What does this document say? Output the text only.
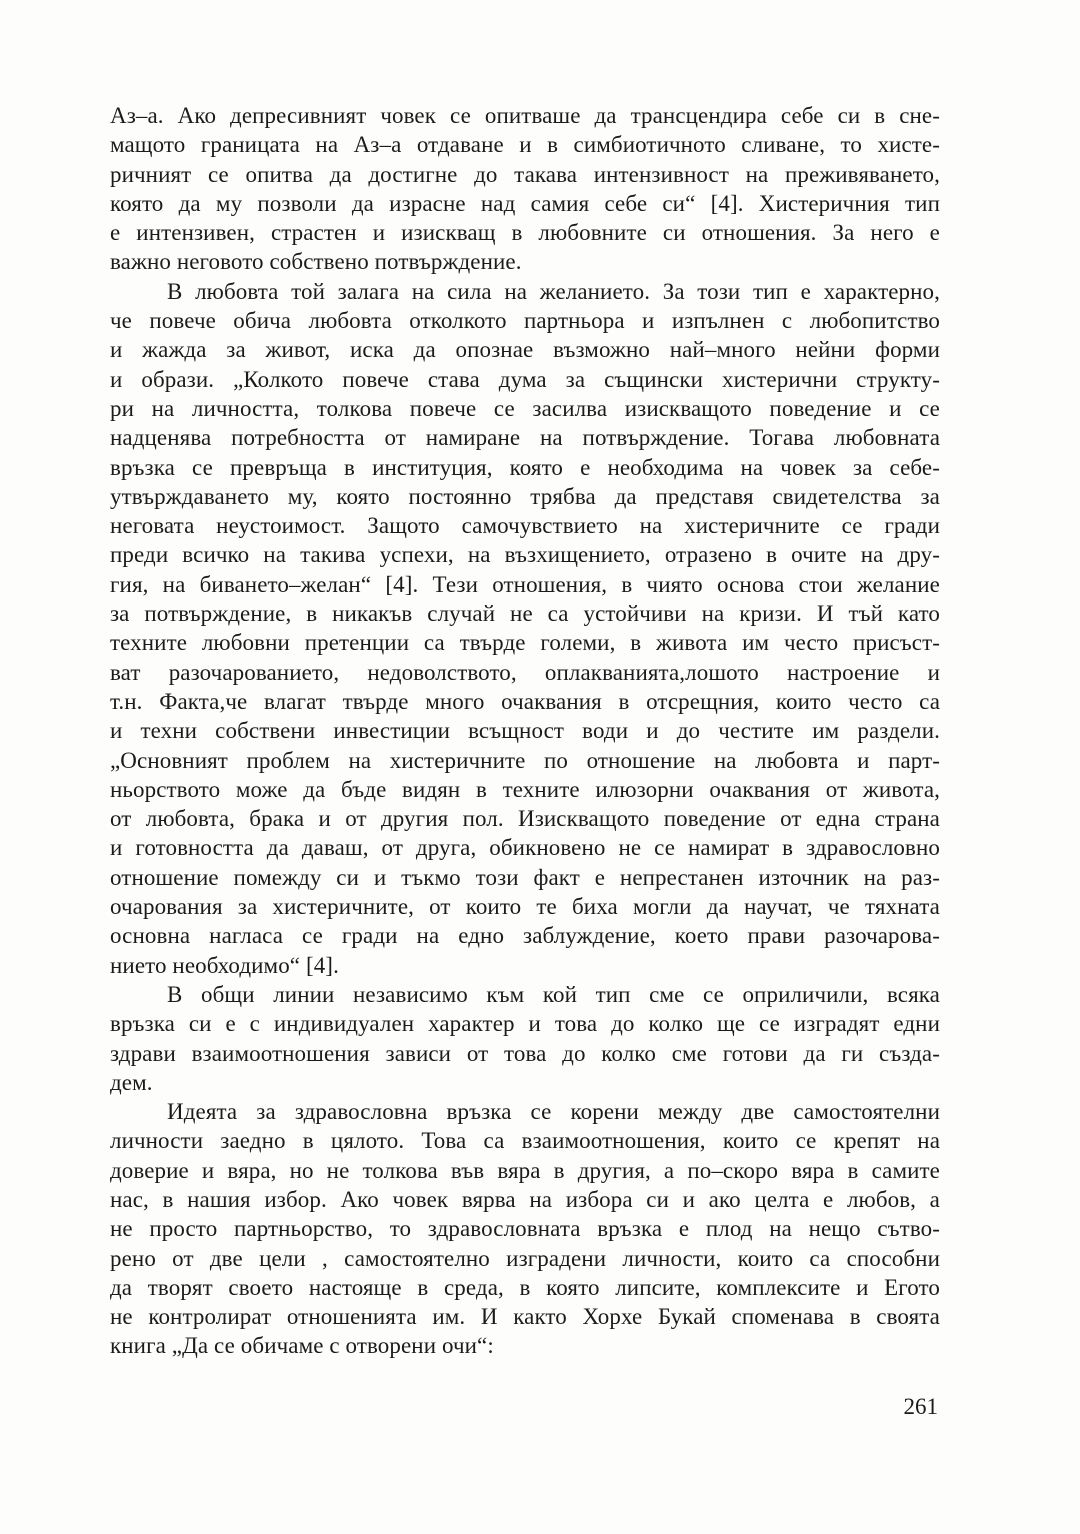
Аз–а. Ако депресивният човек се опитваше да трансцендира себе си в сне-
мащото границата на Аз–а отдаване и в симбиотичното сливане, то хисте-
ричният се опитва да достигне до такава интензивност на преживяването,
която да му позволи да израсне над самия себе си“ [4]. Хистеричния тип
е интензивен, страстен и изискващ в любовните си отношения. За него е
важно неговото собствено потвърждение.

В любовта той залага на сила на желанието. За този тип е характерно,
че повече обича любовта отколкото партньора и изпълнен с любопитство
и жажда за живот, иска да опознае възможно най–много нейни форми
и образи. „Колкото повече става дума за същински хистерични структу-
ри на личността, толкова повече се засилва изискващото поведение и се
надценява потребността от намиране на потвърждение. Тогава любовната
връзка се превръща в институция, която е необходима на човек за себе-
утвърждаването му, която постоянно трябва да представя свидетелства за
неговата неустоимост. Защото самочувствието на хистеричните се гради
преди всичко на такива успехи, на възхищението, отразено в очите на дру-
гия, на биването–желан“ [4]. Тези отношения, в чиято основа стои желание
за потвърждение, в никакъв случай не са устойчиви на кризи. И тъй като
техните любовни претенции са твърде големи, в живота им често присъст-
ват разочарованието, недоволството, оплакванията,лошото настроение и
т.н. Факта,че влагат твърде много очаквания в отсрещния, които често са
и техни собствени инвестиции всъщност води и до честите им раздели.
„Основният проблем на хистеричните по отношение на любовта и парт-
ньорството може да бъде видян в техните илюзорни очаквания от живота,
от любовта, брака и от другия пол. Изискващото поведение от една страна
и готовността да даваш, от друга, обикновено не се намират в здравословно
отношение помежду си и тъкмо този факт е непрестанен източник на раз-
очарования за хистеричните, от които те биха могли да научат, че тяхната
основна нагласа се гради на едно заблуждение, което прави разочарова-
нието необходимо“ [4].

В общи линии независимо към кой тип сме се оприличили, всяка
връзка си е с индивидуален характер и това до колко ще се изградят едни
здрави взаимоотношения зависи от това до колко сме готови да ги създа-
дем.

Идеята за здравословна връзка се корени между две самостоятелни
личности заедно в цялото. Това са взаимоотношения, които се крепят на
доверие и вяра, но не толкова във вяра в другия, а по–скоро вяра в самите
нас, в нашия избор. Ако човек вярва на избора си и ако целта е любов, а
не просто партньорство, то здравословната връзка е плод на нещо сътво-
рено от две цели , самостоятелно изградени личности, които са способни
да творят своето настояще в среда, в която липсите, комплексите и Егото
не контролират отношенията им. И както Хорхе Букай споменава в своята
книга „Да се обичаме с отворени очи“:

261
